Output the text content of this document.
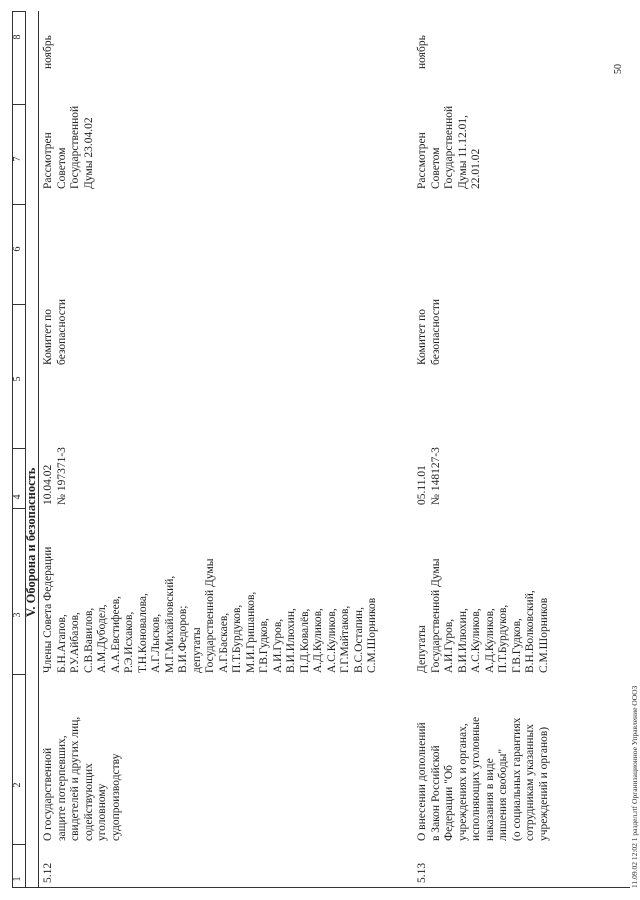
1
2
3
4
5
6
7
8
V. Оборона и безопасность
5.12
О государственной
защите потерпевших,
свидетелей и других лиц,
содействующих
уголовному
судопроизводству
Члены Совета Федерации
Б.Н.Агапов,
Р.У.Айбазов,
С.В.Вавилов,
А.М.Дубодел,
А.А.Евстифеев,
Р.Э.Исхаков,
Т.Н.Коновалова,
А.Г.Лысков,
М.Г.Михайловский,
В.И.Федоров;
депутаты
Государственной Думы
А.Г.Баскаев,
П.Т.Бурдуков,
М.И.Гришанков,
Г.В.Гудков,
А.И.Гуров,
В.И.Илюхин,
П.Д.Ковалёв,
А.Д.Куликов,
А.С.Куликов,
Г.Г.Майтаков,
В.С.Остапин,
С.М.Шорников
10.04.02
№ 197371-3
Комитет по
безопасности
Рассмотрен
Советом
Государственной
Думы 23.04.02
ноябрь
5.13
О внесении дополнений
в Закон Российской
Федерации "Об
учреждениях и органах,
исполняющих уголовные
наказания в виде
лишения свободы"
(о социальных гарантиях
сотрудникам указанных
учреждений и органов)
Депутаты
Государственной Думы
А.И.Гуров,
В.И.Илюхин,
А.С.Куликов,
А.Д.Куликов,
П.Т.Бурдуков,
Г.В.Гудков,
В.Н.Волковский,
С.М.Шорников
05.11.01
№ 148127-3
Комитет по
безопасности
Рассмотрен
Советом
Государственной
Думы 11.12.01,
22.01.02
ноябрь
11.09.02 12:02 1 раздел.rtf Организационное Управление ООО3
50
